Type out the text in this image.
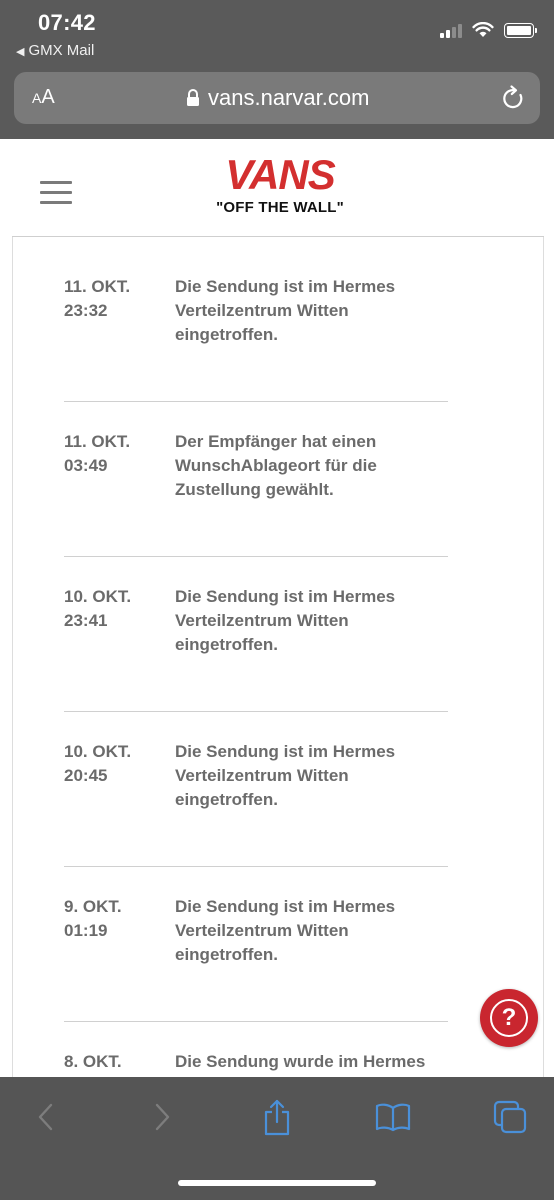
07:42
◀ GMX Mail
AA	vans.narvar.com
VANS
"OFF THE WALL"
11. OKT.
23:32
Die Sendung ist im Hermes
Verteilzentrum Witten
eingetroffen.
11. OKT.
03:49
Der Empfänger hat einen
WunschAblageort für die
Zustellung gewählt.
10. OKT.
23:41
Die Sendung ist im Hermes
Verteilzentrum Witten
eingetroffen.
10. OKT.
20:45
Die Sendung ist im Hermes
Verteilzentrum Witten
eingetroffen.
9. OKT.
01:19
Die Sendung ist im Hermes
Verteilzentrum Witten
eingetroffen.
8. OKT.	Die Sendung wurde im Hermes
?
